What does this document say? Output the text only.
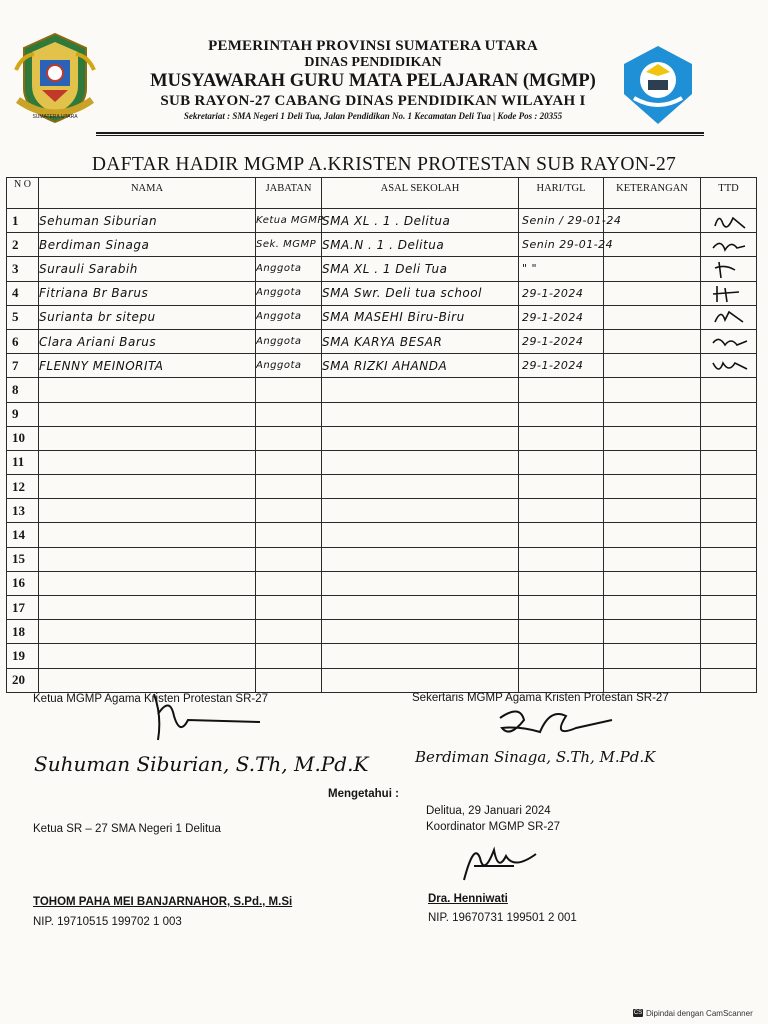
SUMATERA UTARA
PEMERINTAH PROVINSI SUMATERA UTARA
DINAS PENDIDIKAN
MUSYAWARAH GURU MATA PELAJARAN (MGMP)
SUB RAYON-27 CABANG DINAS PENDIDIKAN WILAYAH I
Sekretariat : SMA Negeri 1 Deli Tua, Jalan Pendidikan No. 1 Kecamatan Deli Tua | Kode Pos : 20355
DAFTAR HADIR MGMP A.KRISTEN PROTESTAN SUB RAYON-27
N O	NAMA	JABATAN	ASAL SEKOLAH	HARI/TGL	KETERANGAN	TTD
1	Sehuman Siburian	Ketua MGMP	SMA XL . 1 . Delitua	Senin / 29-01-24		

2	Berdiman Sinaga	Sek. MGMP	SMA.N . 1 . Delitua	Senin 29-01-24		

3	Surauli Sarabih	Anggota	SMA XL . 1 Deli Tua	" "		

4	Fitriana Br Barus	Anggota	SMA Swr. Deli tua school	29-1-2024		

5	Surianta br sitepu	Anggota	SMA MASEHI Biru-Biru	29-1-2024		

6	Clara Ariani Barus	Anggota	SMA KARYA BESAR	29-1-2024		

7	FLENNY MEINORITA	Anggota	SMA RIZKI AHANDA	29-1-2024		

8						
9						
10						
11						
12						
13						
14						
15						
16						
17						
18						
19						
20						
Ketua MGMP Agama Kristen Protestan SR-27
Suhuman Siburian, S.Th, M.Pd.K
Sekertaris MGMP Agama Kristen Protestan SR-27
Berdiman Sinaga, S.Th, M.Pd.K
Mengetahui :
Delitua, 29 Januari 2024
Koordinator MGMP SR-27
Ketua SR – 27 SMA Negeri 1 Delitua
TOHOM PAHA MEI BANJARNAHOR, S.Pd., M.Si
NIP. 19710515 199702 1 003
Dra. Henniwati
NIP. 19670731 199501 2 001
CS Dipindai dengan CamScanner
